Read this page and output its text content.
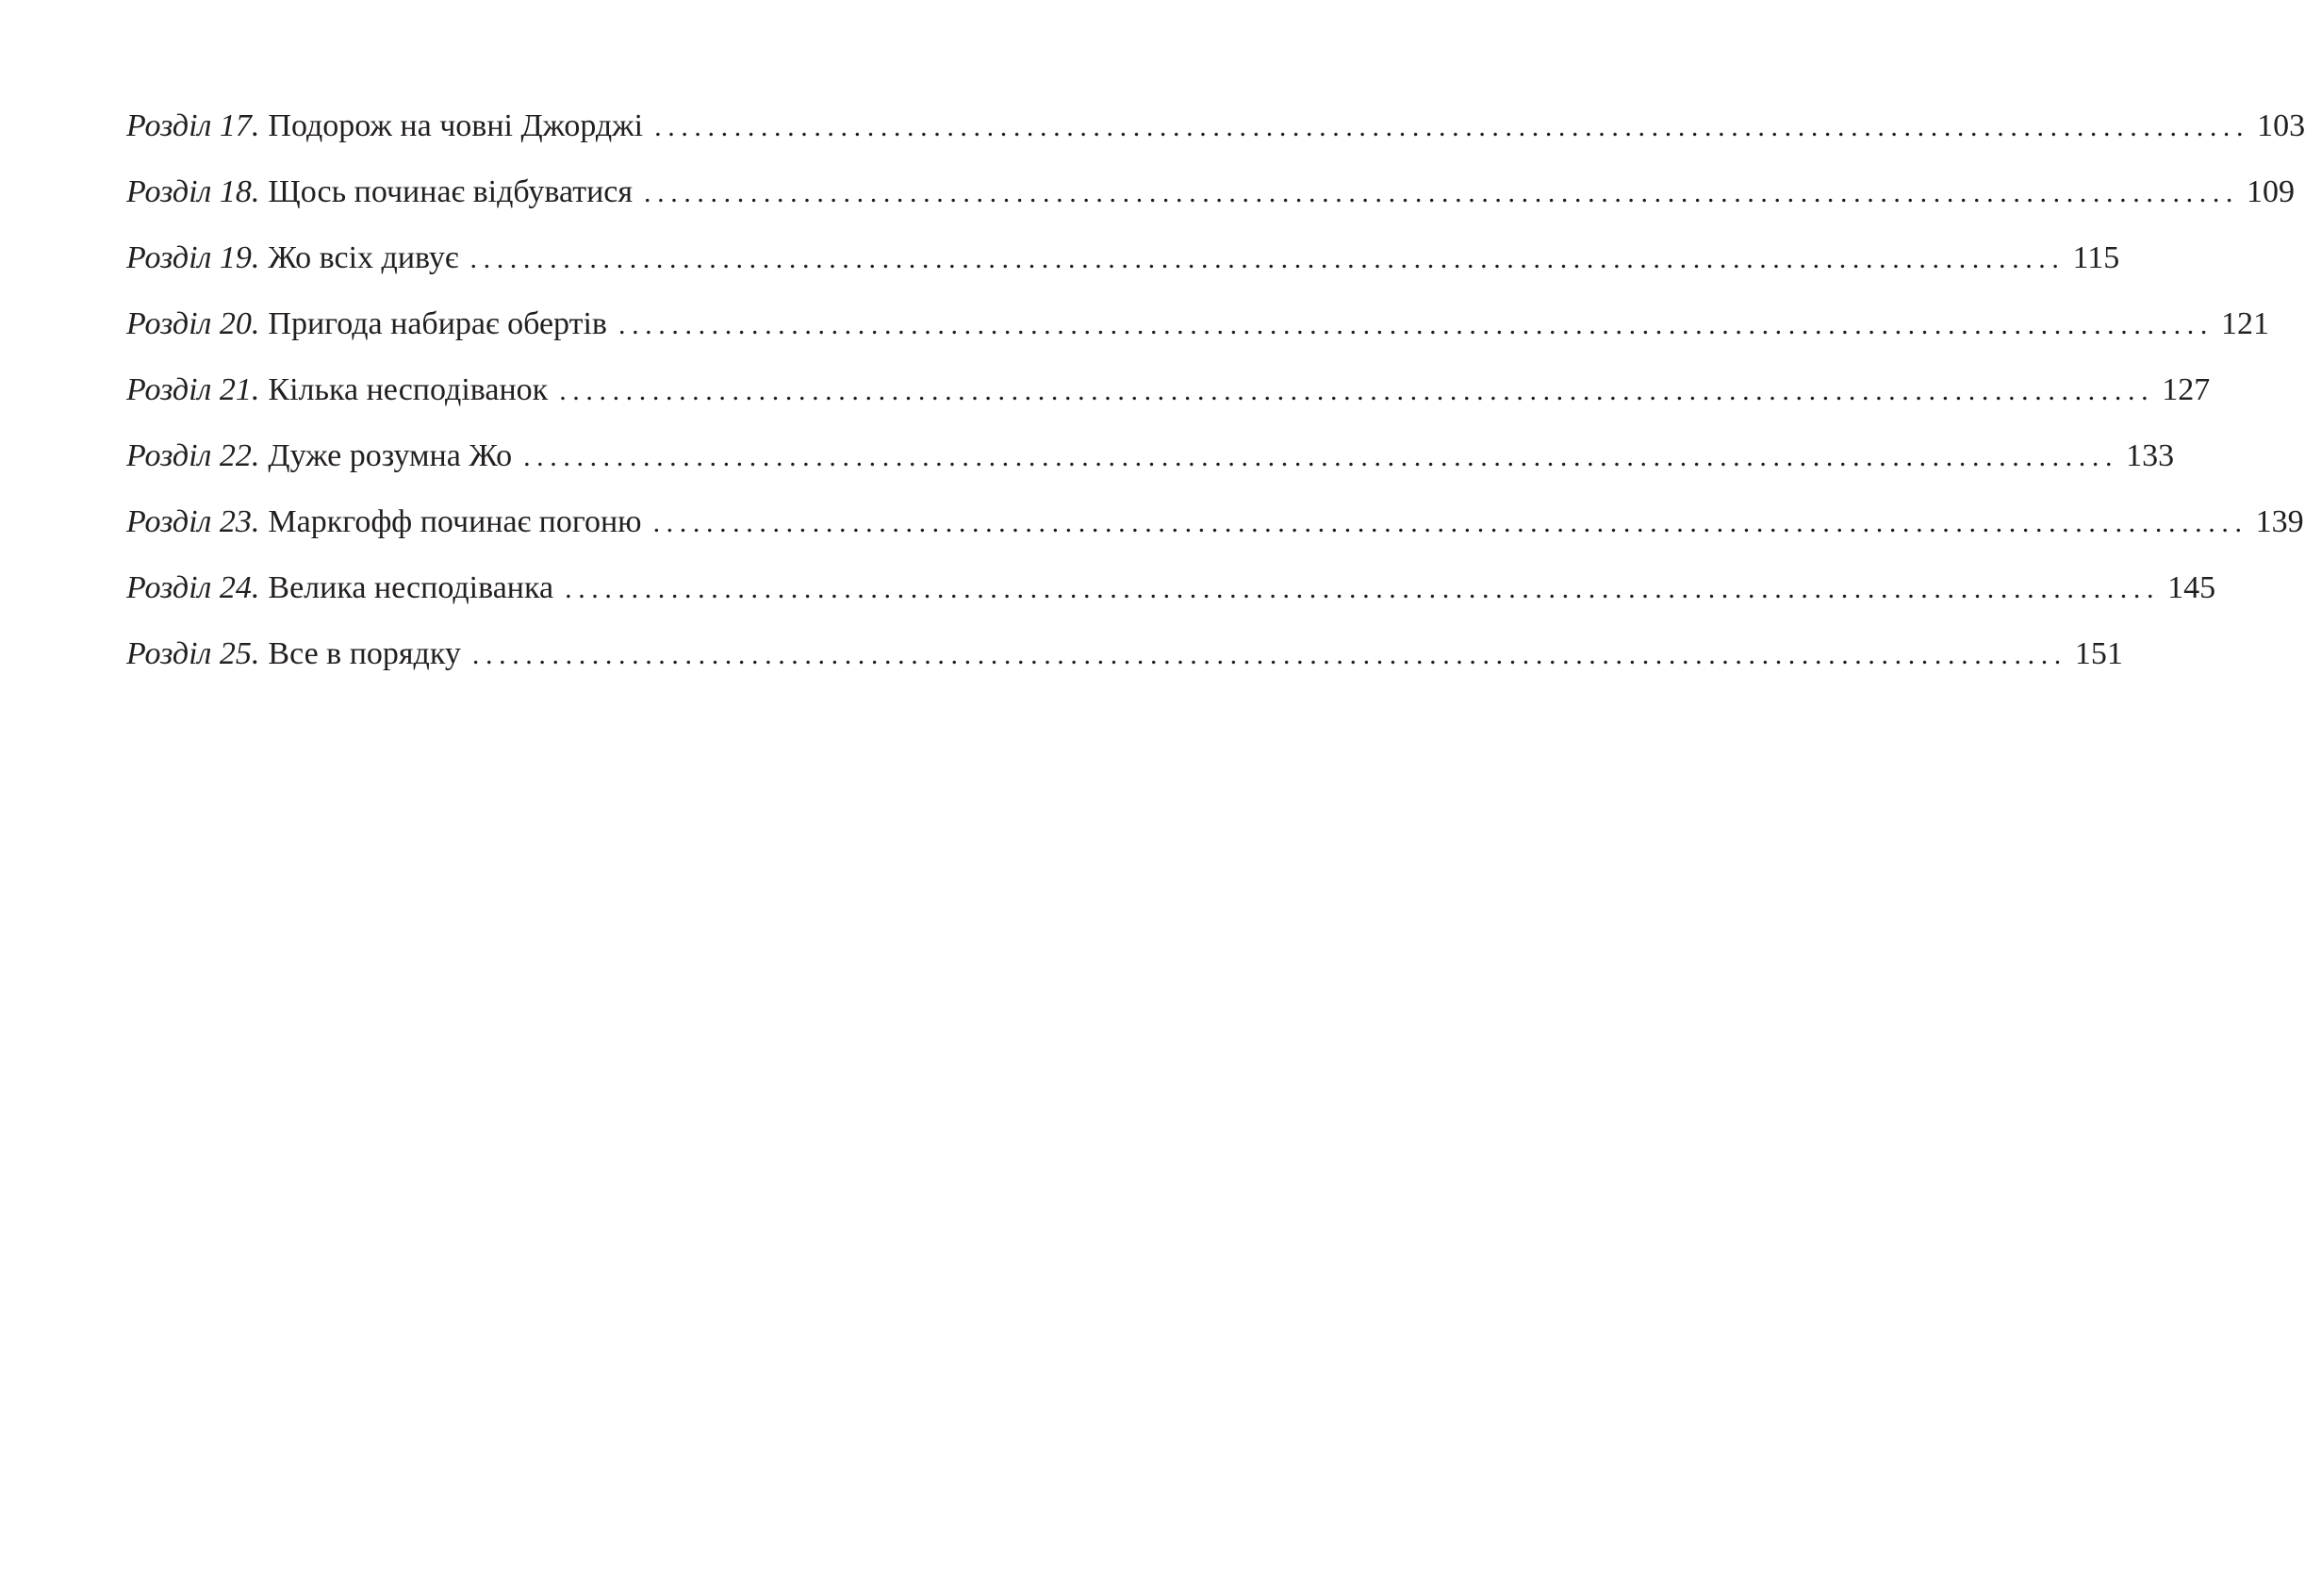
Розділ 17. Подорож на човні Джорджі ........................................................................................................................ 103
Розділ 18. Щось починає відбуватися ........................................................................................................................ 109
Розділ 19. Жо всіх дивує ........................................................................................................................ 115
Розділ 20. Пригода набирає обертів ........................................................................................................................ 121
Розділ 21. Кілька несподіванок ........................................................................................................................ 127
Розділ 22. Дуже розумна Жо ........................................................................................................................ 133
Розділ 23. Маркгофф починає погоню ........................................................................................................................ 139
Розділ 24. Велика несподіванка ........................................................................................................................ 145
Розділ 25. Все в порядку ........................................................................................................................ 151
